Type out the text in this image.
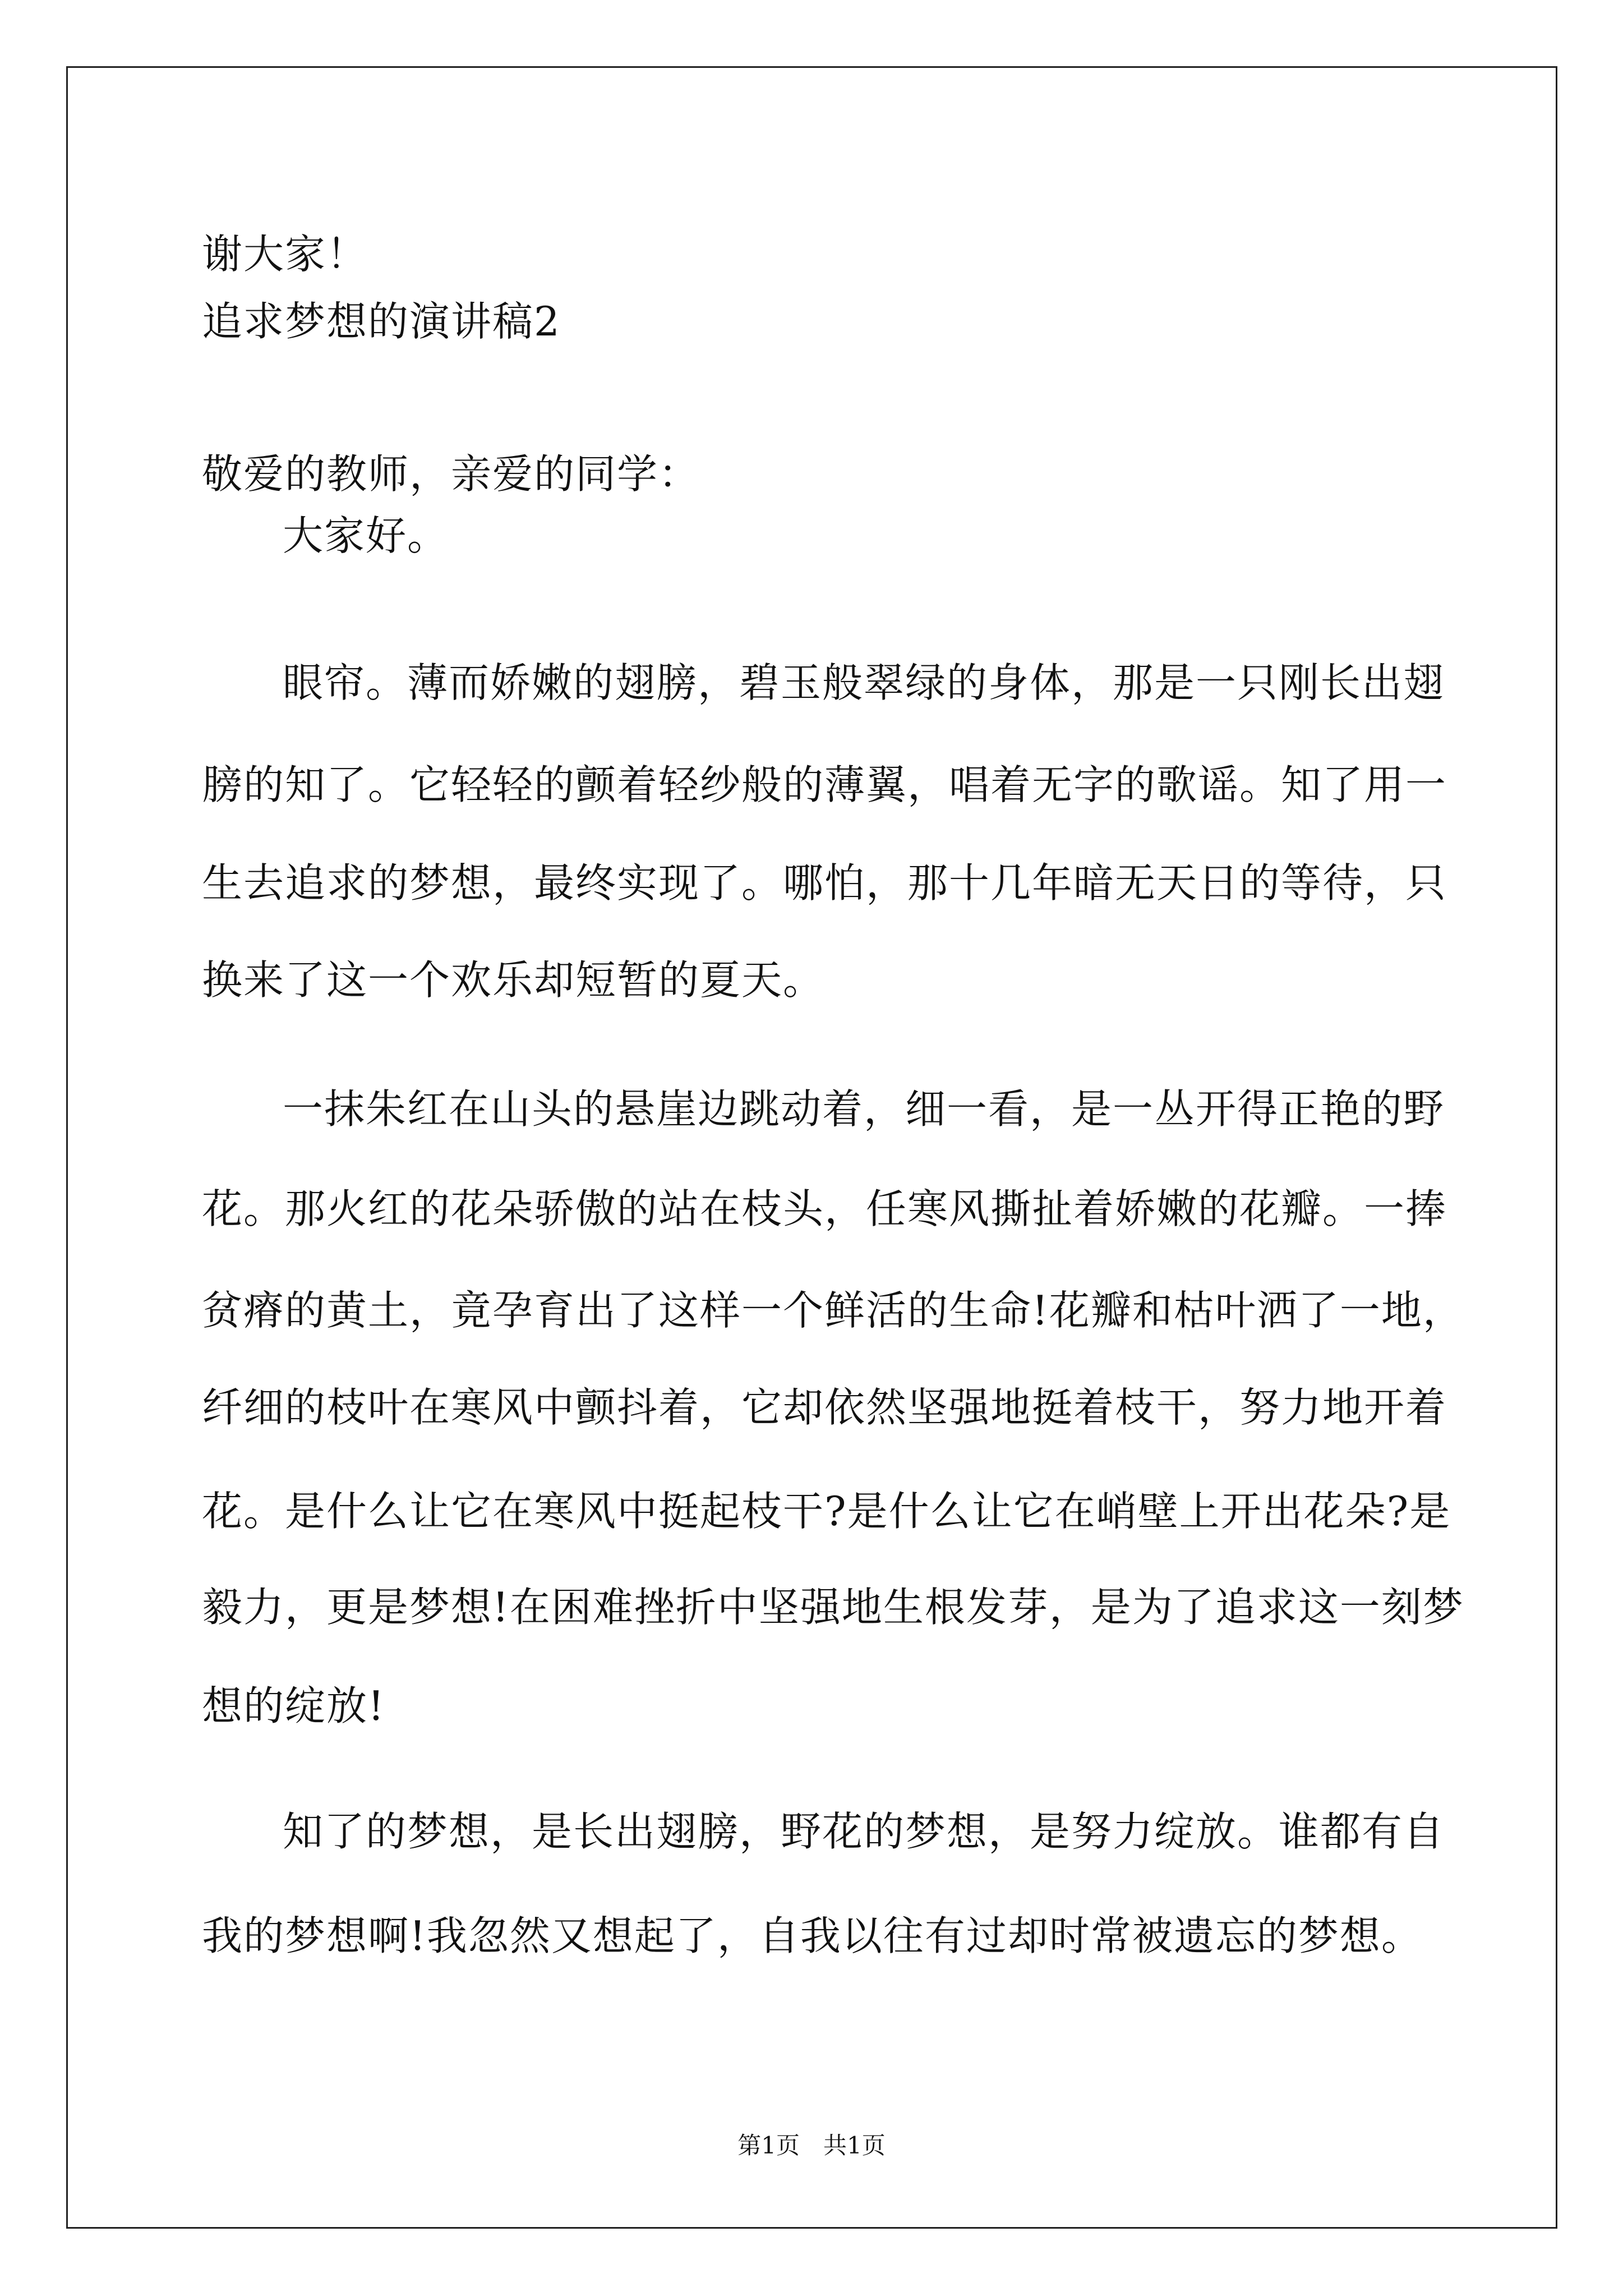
谢大家！
追求梦想的演讲稿2
敬爱的教师，亲爱的同学：
大家好。
眼帘。薄而娇嫩的翅膀，碧玉般翠绿的身体，那是一只刚长出翅
膀的知了。它轻轻的颤着轻纱般的薄翼，唱着无字的歌谣。知了用一
生去追求的梦想，最终实现了。哪怕，那十几年暗无天日的等待，只
换来了这一个欢乐却短暂的夏天。
一抹朱红在山头的悬崖边跳动着，细一看，是一丛开得正艳的野
花。那火红的花朵骄傲的站在枝头，任寒风撕扯着娇嫩的花瓣。一捧
贫瘠的黄土，竟孕育出了这样一个鲜活的生命!花瓣和枯叶洒了一地，
纤细的枝叶在寒风中颤抖着，它却依然坚强地挺着枝干，努力地开着
花。是什么让它在寒风中挺起枝干?是什么让它在峭壁上开出花朵?是
毅力，更是梦想!在困难挫折中坚强地生根发芽，是为了追求这一刻梦
想的绽放!
知了的梦想，是长出翅膀，野花的梦想，是努力绽放。谁都有自
我的梦想啊!我忽然又想起了，自我以往有过却时常被遗忘的梦想。
第1页　共1页
